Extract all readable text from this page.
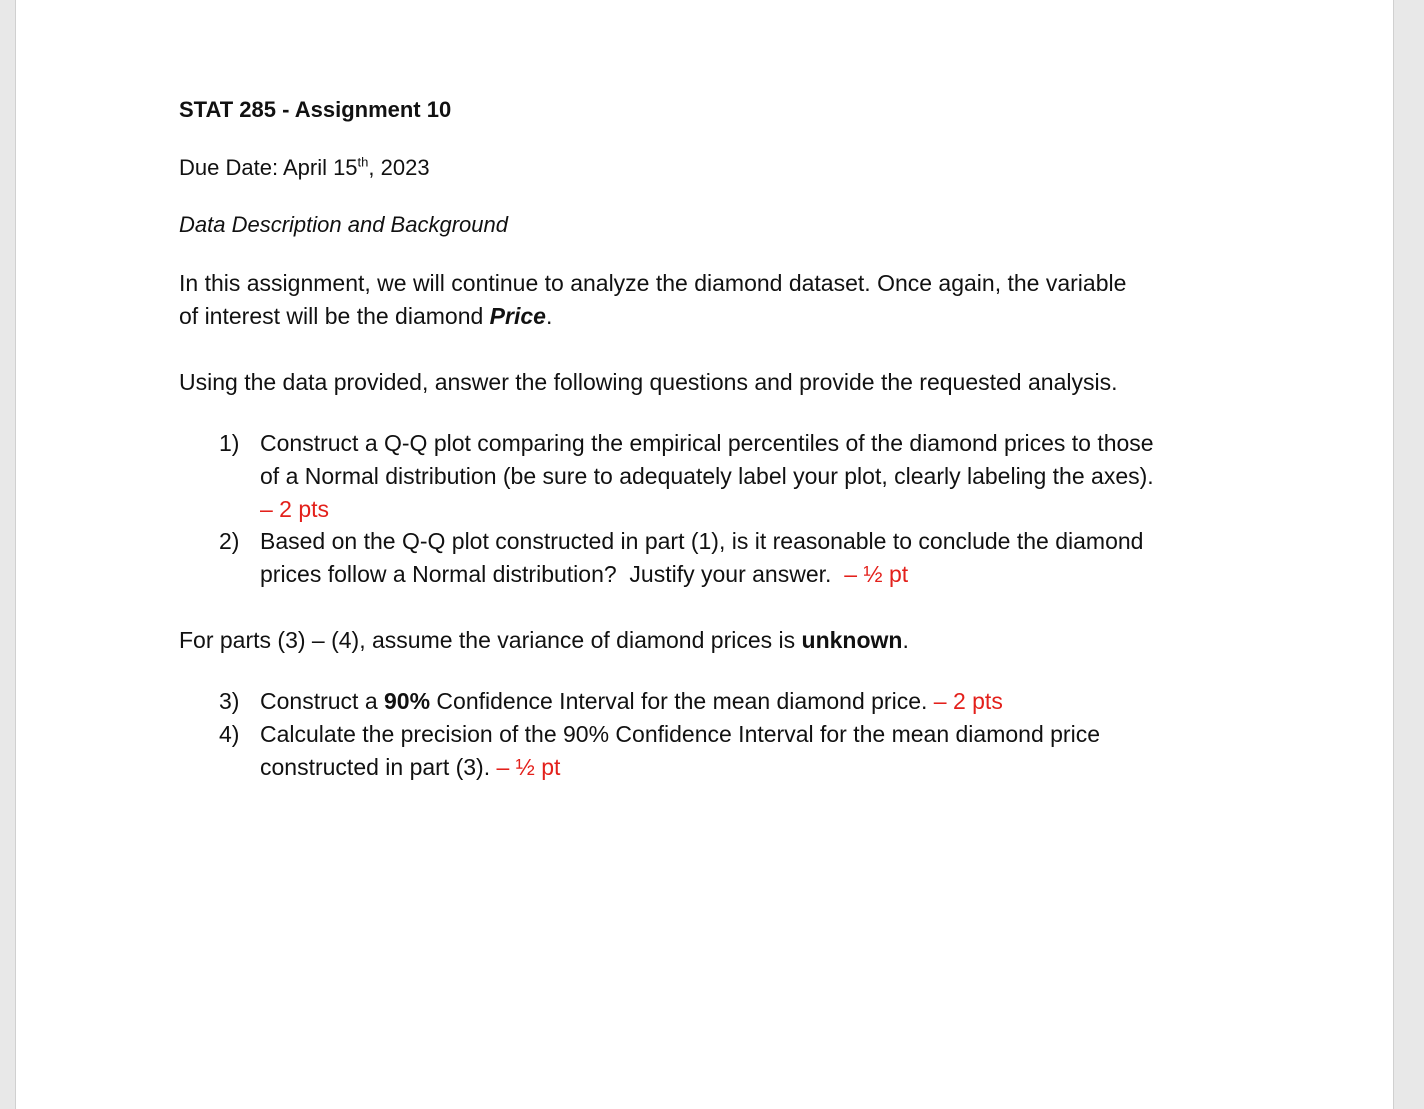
STAT 285 - Assignment 10
Due Date: April 15th, 2023
Data Description and Background
In this assignment, we will continue to analyze the diamond dataset. Once again, the variable
of interest will be the diamond Price.
Using the data provided, answer the following questions and provide the requested analysis.
1) Construct a Q-Q plot comparing the empirical percentiles of the diamond prices to those
of a Normal distribution (be sure to adequately label your plot, clearly labeling the axes).
– 2 pts
2) Based on the Q-Q plot constructed in part (1), is it reasonable to conclude the diamond
prices follow a Normal distribution?  Justify your answer.  – ½ pt
For parts (3) – (4), assume the variance of diamond prices is unknown.
3) Construct a 90% Confidence Interval for the mean diamond price. – 2 pts
4) Calculate the precision of the 90% Confidence Interval for the mean diamond price
constructed in part (3). – ½ pt
